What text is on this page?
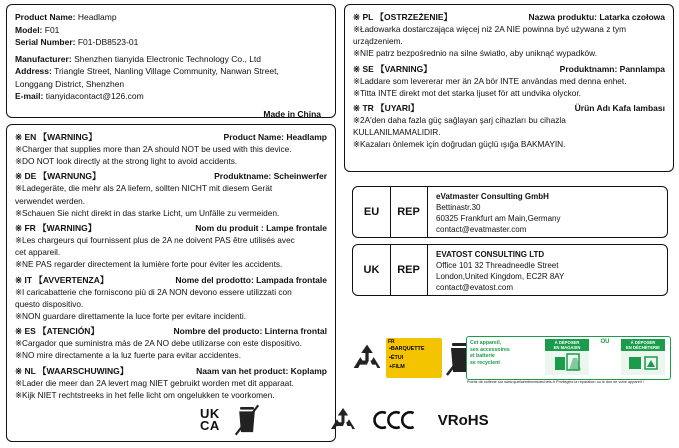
Product Name: Headlamp
Model: F01
Serial Number: F01-DB8523-01
Manufacturer: Shenzhen tianyida Electronic Technology Co., Ltd
Address: Triangle Street, Nanling Village Community, Nanwan Street,
Longgang District, Shenzhen
E-mail: tianyidacontact@126.com
Made in China
※ EN 【WARNING】	Product Name: Headlamp
※Charger that supplies more than 2A should NOT be used with this device.
※DO NOT look directly at the strong light to avoid accidents.
※ DE 【WARNUNG】	Produktname: Scheinwerfer
※Ladegeräte, die mehr als 2A liefern, sollten NICHT mit diesem Gerät
verwendet werden.
※Schauen Sie nicht direkt in das starke Licht, um Unfälle zu vermeiden.
※ FR 【WARNING】	Nom du produit : Lampe frontale
※Les chargeurs qui fournissent plus de 2A ne doivent PAS être utilisés avec
cet appareil.
※NE PAS regarder directement la lumière forte pour éviter les accidents.
※ IT 【AVVERTENZA】	Nome del prodotto: Lampada frontale
※I caricabatterie che forniscono più di 2A NON devono essere utilizzati con
questo dispositivo.
※NON guardare direttamente la luce forte per evitare incidenti.
※ ES 【ATENCIÓN】	Nombre del producto: Linterna frontal
※Cargador que suministra más de 2A NO debe utilizarse con este dispositivo.
※NO mire directamente a la luz fuerte para evitar accidentes.
※ NL 【WAARSCHUWING】	Naam van het product: Koplamp
※Lader die meer dan 2A levert mag NIET gebruikt worden met dit apparaat.
※Kijk NIET rechtstreeks in het felle licht om ongelukken te voorkomen.
※ PL 【OSTRZEŻENIE】	Nazwa produktu: Latarka czołowa
※Ładowarka dostarczająca więcej niż 2A NIE powinna być używana z tym
urządzeniem.
※NIE patrz bezpośrednio na silne światło, aby uniknąć wypadków.
※ SE 【VARNING】	Produktnamn: Pannlampa
※Laddare som levererar mer än 2A bör INTE användas med denna enhet.
※Titta INTE direkt mot det starka ljuset för att undvika olyckor.
※ TR 【UYARI】	Ürün Adı Kafa lambası
※2A'den daha fazla güç sağlayan şarj cihazları bu cihazla
KULLANILMAMALIDIR.
※Kazaları önlemek için doğrudan güçlü ışığa BAKMAYIN.
EU	REP
eVatmaster Consulting GmbH
Bettinastr.30
60325 Frankfurt am Main,Germany
contact@evatmaster.com
UK	REP
EVATOST CONSULTING LTD
Office 101 32 Threadneedle Street
London,United Kingdom, EC2R 8AY
contact@evatost.com
FR
•BARQUETTE
•ÉTUI
+FILM
Cet appareil,
ses accessoires
et batterie
se recyclent
À DÉPOSER
EN MAGASIN
OU	À DÉPOSER
EN DÉCHÈTERIE
Points de collecte sur www.quefairedemesdechets.fr Privilégiez la réparation ou le don de votre appareil !
UK
CA	VRoHS
